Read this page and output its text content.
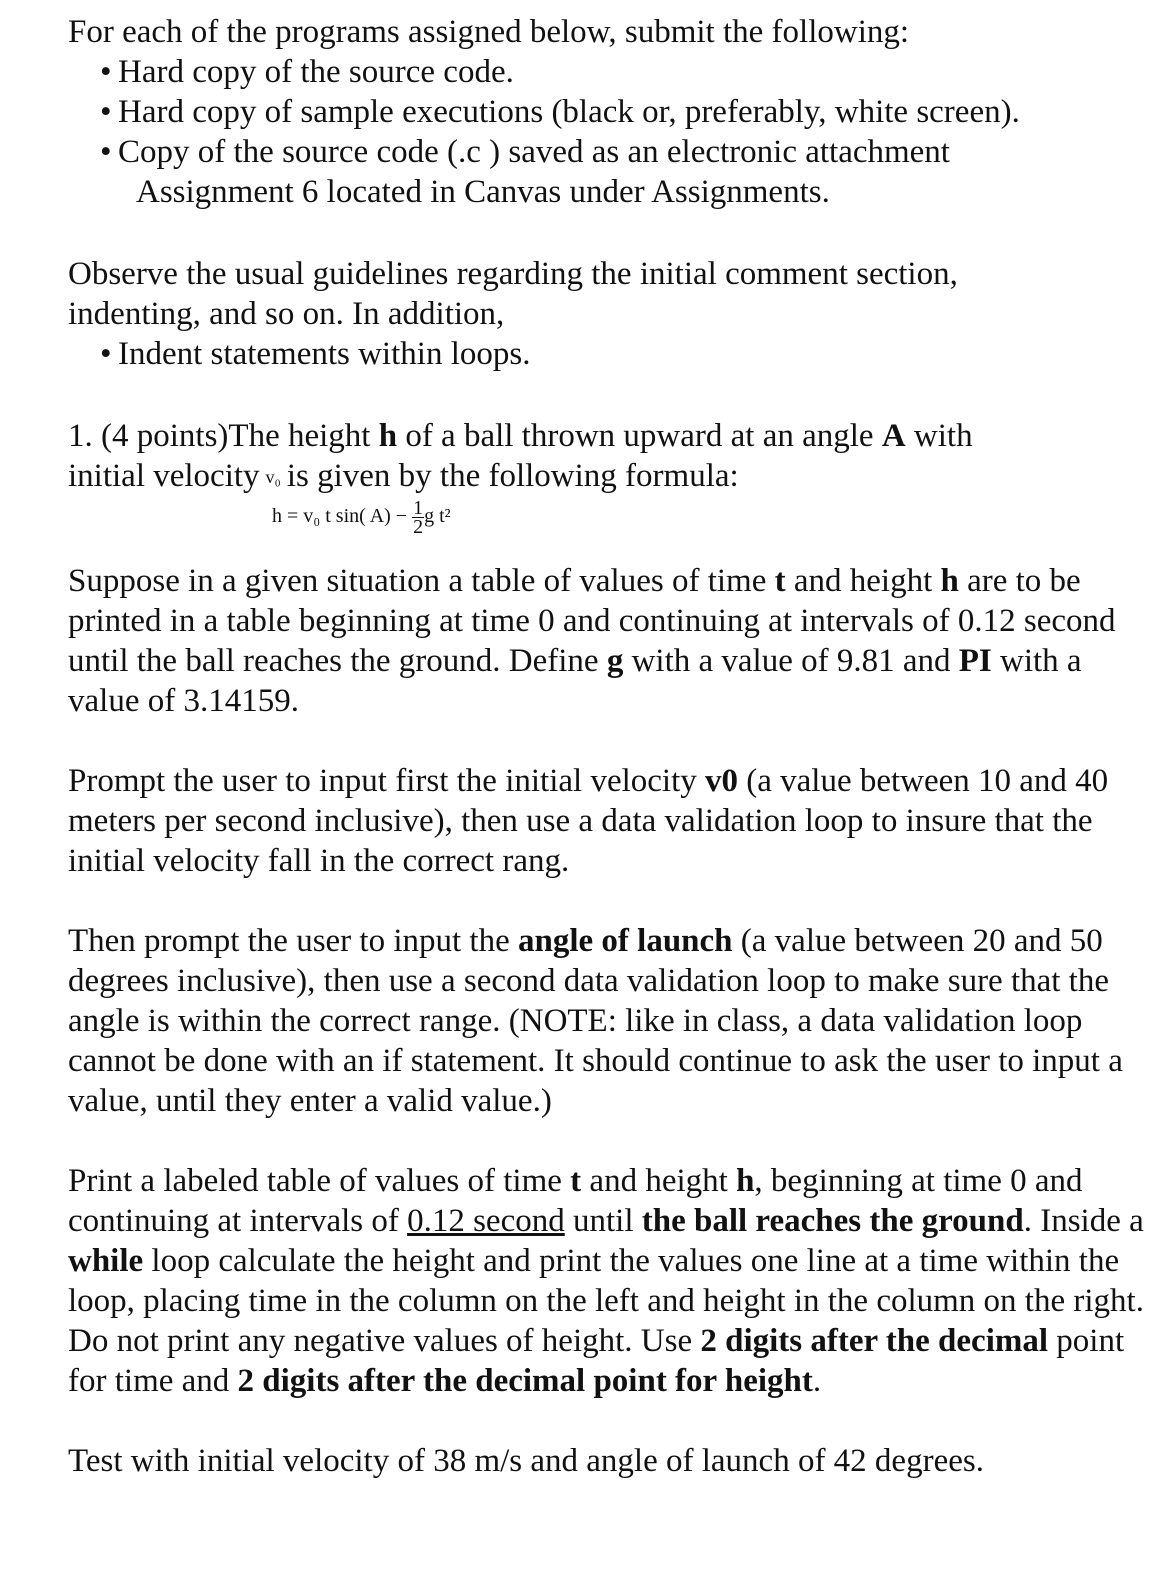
For each of the programs assigned below, submit the following:

• Hard copy of the source code.
• Hard copy of sample executions (black or, preferably, white screen).
• Copy of the source code (.c ) saved as an electronic attachment

Assignment 6 located in Canvas under Assignments.

Observe the usual guidelines regarding the initial comment section,

indenting, and so on. In addition,

• Indent statements within loops.

1. (4 points)The height h of a ball thrown upward at an angle A with

initial velocity v₀ is given by the following formula:

h = v₀ t sin( $A) - \frac{1}{2}$ g t²

Suppose in a given situation a table of values of time t and height h are to be printed in a table beginning at time 0 and continuing at intervals of 0.12 second until the ball reaches the ground. Define g with a value of 9.81 and PI with a value of 3.14159.

Prompt the user to input first the initial velocity v0 (a value between 10 and 40 meters per second inclusive), then use a data validation loop to insure that the initial velocity fall in the correct rang.

Then prompt the user to input the angle of launch (a value between 20 and 50 degrees inclusive), then use a second data validation loop to make sure that the angle is within the correct range. (NOTE: like in class, a data validation loop cannot be done with an if statement. It should continue to ask the user to input a value, until they enter a valid value.)

Print a labeled table of values of time t and height h, beginning at time 0 and continuing at intervals of 0.12 second until the ball reaches the ground. Inside a while loop calculate the height and print the values one line at a time within the loop, placing time in the column on the left and height in the column on the right. Do not print any negative values of height. Use 2 digits after the decimal point for time and 2 digits after the decimal point for height.

Test with initial velocity of 38 m/s and angle of launch of 42 degrees.
